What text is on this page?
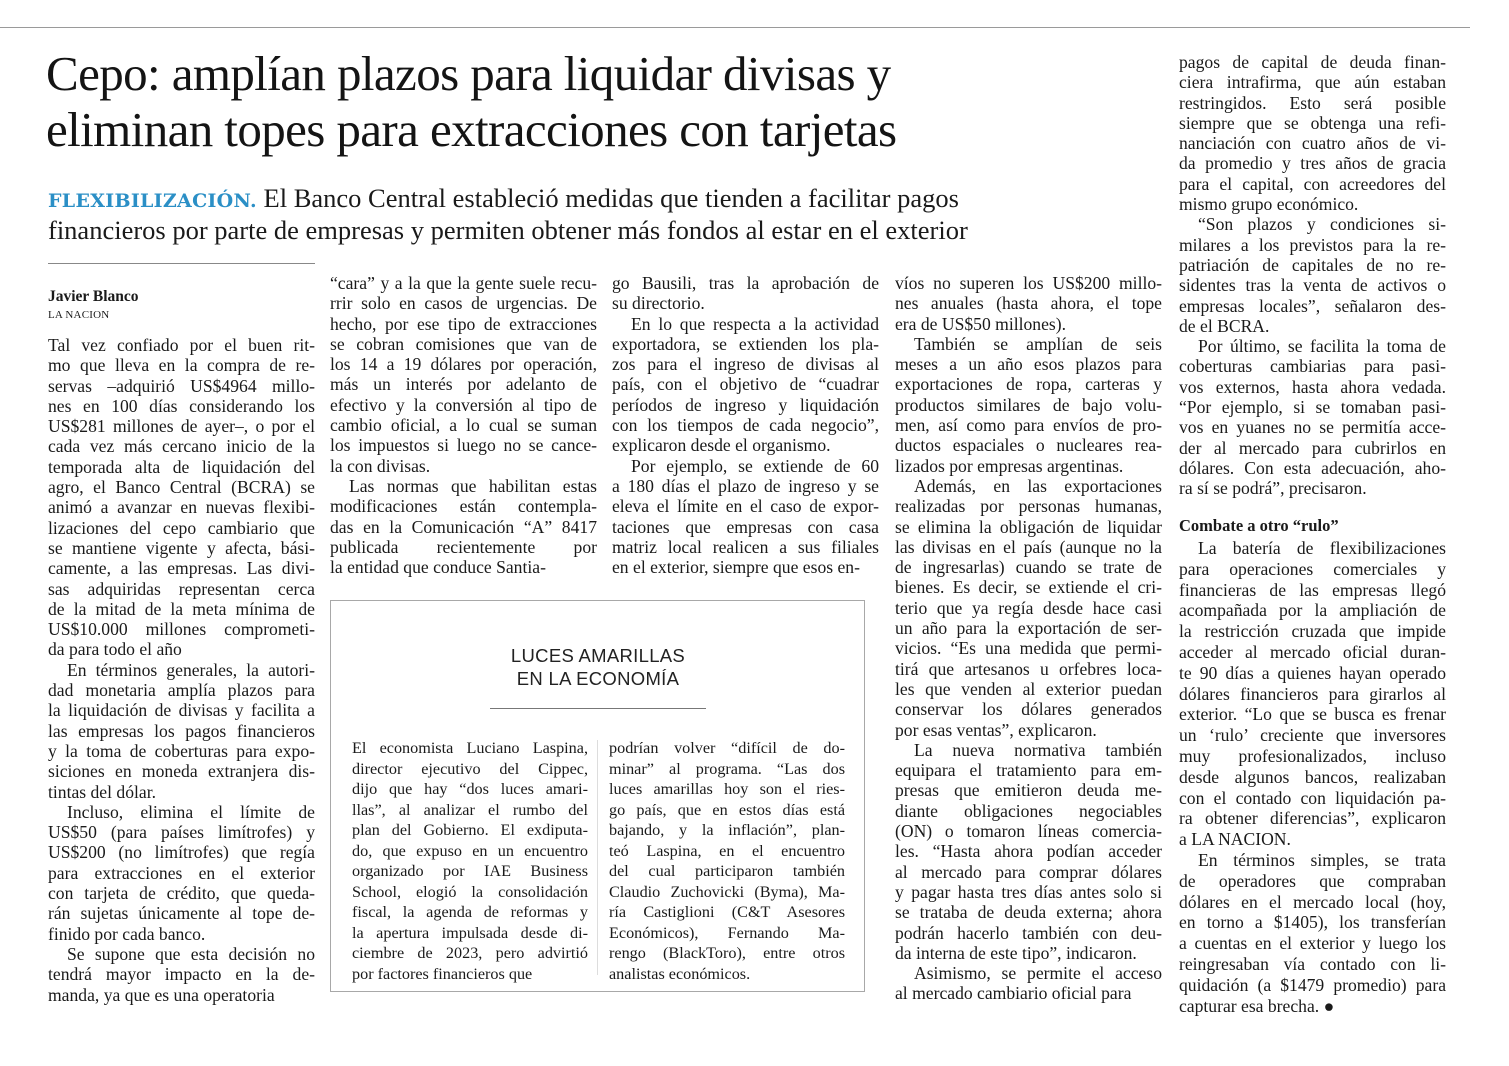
Cepo: amplían plazos para liquidar divisas y
eliminan topes para extracciones con tarjetas
FLEXIBILIZACIÓN. El Banco Central estableció medidas que tienden a facilitar pagos
financieros por parte de empresas y permiten obtener más fondos al estar en el exterior
Javier Blanco
LA NACION
Tal vez confiado por el buen rit-
mo que lleva en la compra de re-
servas –adquirió US$4964 millo-
nes en 100 días considerando los
US$281 millones de ayer–, o por el
cada vez más cercano inicio de la
temporada alta de liquidación del
agro, el Banco Central (BCRA) se
animó a avanzar en nuevas flexibi-
lizaciones del cepo cambiario que
se mantiene vigente y afecta, bási-
camente, a las empresas. Las divi-
sas adquiridas representan cerca
de la mitad de la meta mínima de
US$10.000 millones comprometi-
da para todo el año
En términos generales, la autori-
dad monetaria amplía plazos para
la liquidación de divisas y facilita a
las empresas los pagos financieros
y la toma de coberturas para expo-
siciones en moneda extranjera dis-
tintas del dólar.
Incluso, elimina el límite de
US$50 (para países limítrofes) y
US$200 (no limítrofes) que regía
para extracciones en el exterior
con tarjeta de crédito, que queda-
rán sujetas únicamente al tope de-
finido por cada banco.
Se supone que esta decisión no
tendrá mayor impacto en la de-
manda, ya que es una operatoria
“cara” y a la que la gente suele recu-
rrir solo en casos de urgencias. De
hecho, por ese tipo de extracciones
se cobran comisiones que van de
los 14 a 19 dólares por operación,
más un interés por adelanto de
efectivo y la conversión al tipo de
cambio oficial, a lo cual se suman
los impuestos si luego no se cance-
la con divisas.
Las normas que habilitan estas
modificaciones están contempla-
das en la Comunicación “A” 8417
publicada recientemente por
la entidad que conduce Santia-
go Bausili, tras la aprobación de
su directorio.
En lo que respecta a la actividad
exportadora, se extienden los pla-
zos para el ingreso de divisas al
país, con el objetivo de “cuadrar
períodos de ingreso y liquidación
con los tiempos de cada negocio”,
explicaron desde el organismo.
Por ejemplo, se extiende de 60
a 180 días el plazo de ingreso y se
eleva el límite en el caso de expor-
taciones que empresas con casa
matriz local realicen a sus filiales
en el exterior, siempre que esos en-
víos no superen los US$200 millo-
nes anuales (hasta ahora, el tope
era de US$50 millones).
También se amplían de seis
meses a un año esos plazos para
exportaciones de ropa, carteras y
productos similares de bajo volu-
men, así como para envíos de pro-
ductos espaciales o nucleares rea-
lizados por empresas argentinas.
Además, en las exportaciones
realizadas por personas humanas,
se elimina la obligación de liquidar
las divisas en el país (aunque no la
de ingresarlas) cuando se trate de
bienes. Es decir, se extiende el cri-
terio que ya regía desde hace casi
un año para la exportación de ser-
vicios. “Es una medida que permi-
tirá que artesanos u orfebres loca-
les que venden al exterior puedan
conservar los dólares generados
por esas ventas”, explicaron.
La nueva normativa también
equipara el tratamiento para em-
presas que emitieron deuda me-
diante obligaciones negociables
(ON) o tomaron líneas comercia-
les. “Hasta ahora podían acceder
al mercado para comprar dólares
y pagar hasta tres días antes solo si
se trataba de deuda externa; ahora
podrán hacerlo también con deu-
da interna de este tipo”, indicaron.
Asimismo, se permite el acceso
al mercado cambiario oficial para
pagos de capital de deuda finan-
ciera intrafirma, que aún estaban
restringidos. Esto será posible
siempre que se obtenga una refi-
nanciación con cuatro años de vi-
da promedio y tres años de gracia
para el capital, con acreedores del
mismo grupo económico.
“Son plazos y condiciones si-
milares a los previstos para la re-
patriación de capitales de no re-
sidentes tras la venta de activos o
empresas locales”, señalaron des-
de el BCRA.
Por último, se facilita la toma de
coberturas cambiarias para pasi-
vos externos, hasta ahora vedada.
“Por ejemplo, si se tomaban pasi-
vos en yuanes no se permitía acce-
der al mercado para cubrirlos en
dólares. Con esta adecuación, aho-
ra sí se podrá”, precisaron.
Combate a otro “rulo”
La batería de flexibilizaciones
para operaciones comerciales y
financieras de las empresas llegó
acompañada por la ampliación de
la restricción cruzada que impide
acceder al mercado oficial duran-
te 90 días a quienes hayan operado
dólares financieros para girarlos al
exterior. “Lo que se busca es frenar
un ‘rulo’ creciente que inversores
muy profesionalizados, incluso
desde algunos bancos, realizaban
con el contado con liquidación pa-
ra obtener diferencias”, explicaron
a LA NACION.
En términos simples, se trata
de operadores que compraban
dólares en el mercado local (hoy,
en torno a $1405), los transferían
a cuentas en el exterior y luego los
reingresaban vía contado con li-
quidación (a $1479 promedio) para
capturar esa brecha. ●
LUCES AMARILLAS
EN LA ECONOMÍA
El economista Luciano Laspina,
director ejecutivo del Cippec,
dijo que hay “dos luces amari-
llas”, al analizar el rumbo del
plan del Gobierno. El exdiputa-
do, que expuso en un encuentro
organizado por IAE Business
School, elogió la consolidación
fiscal, la agenda de reformas y
la apertura impulsada desde di-
ciembre de 2023, pero advirtió
por factores financieros que
podrían volver “difícil de do-
minar” al programa. “Las dos
luces amarillas hoy son el ries-
go país, que en estos días está
bajando, y la inflación”, plan-
teó Laspina, en el encuentro
del cual participaron también
Claudio Zuchovicki (Byma), Ma-
ría Castiglioni (C&T Asesores
Económicos), Fernando Ma-
rengo (BlackToro), entre otros
analistas económicos.
